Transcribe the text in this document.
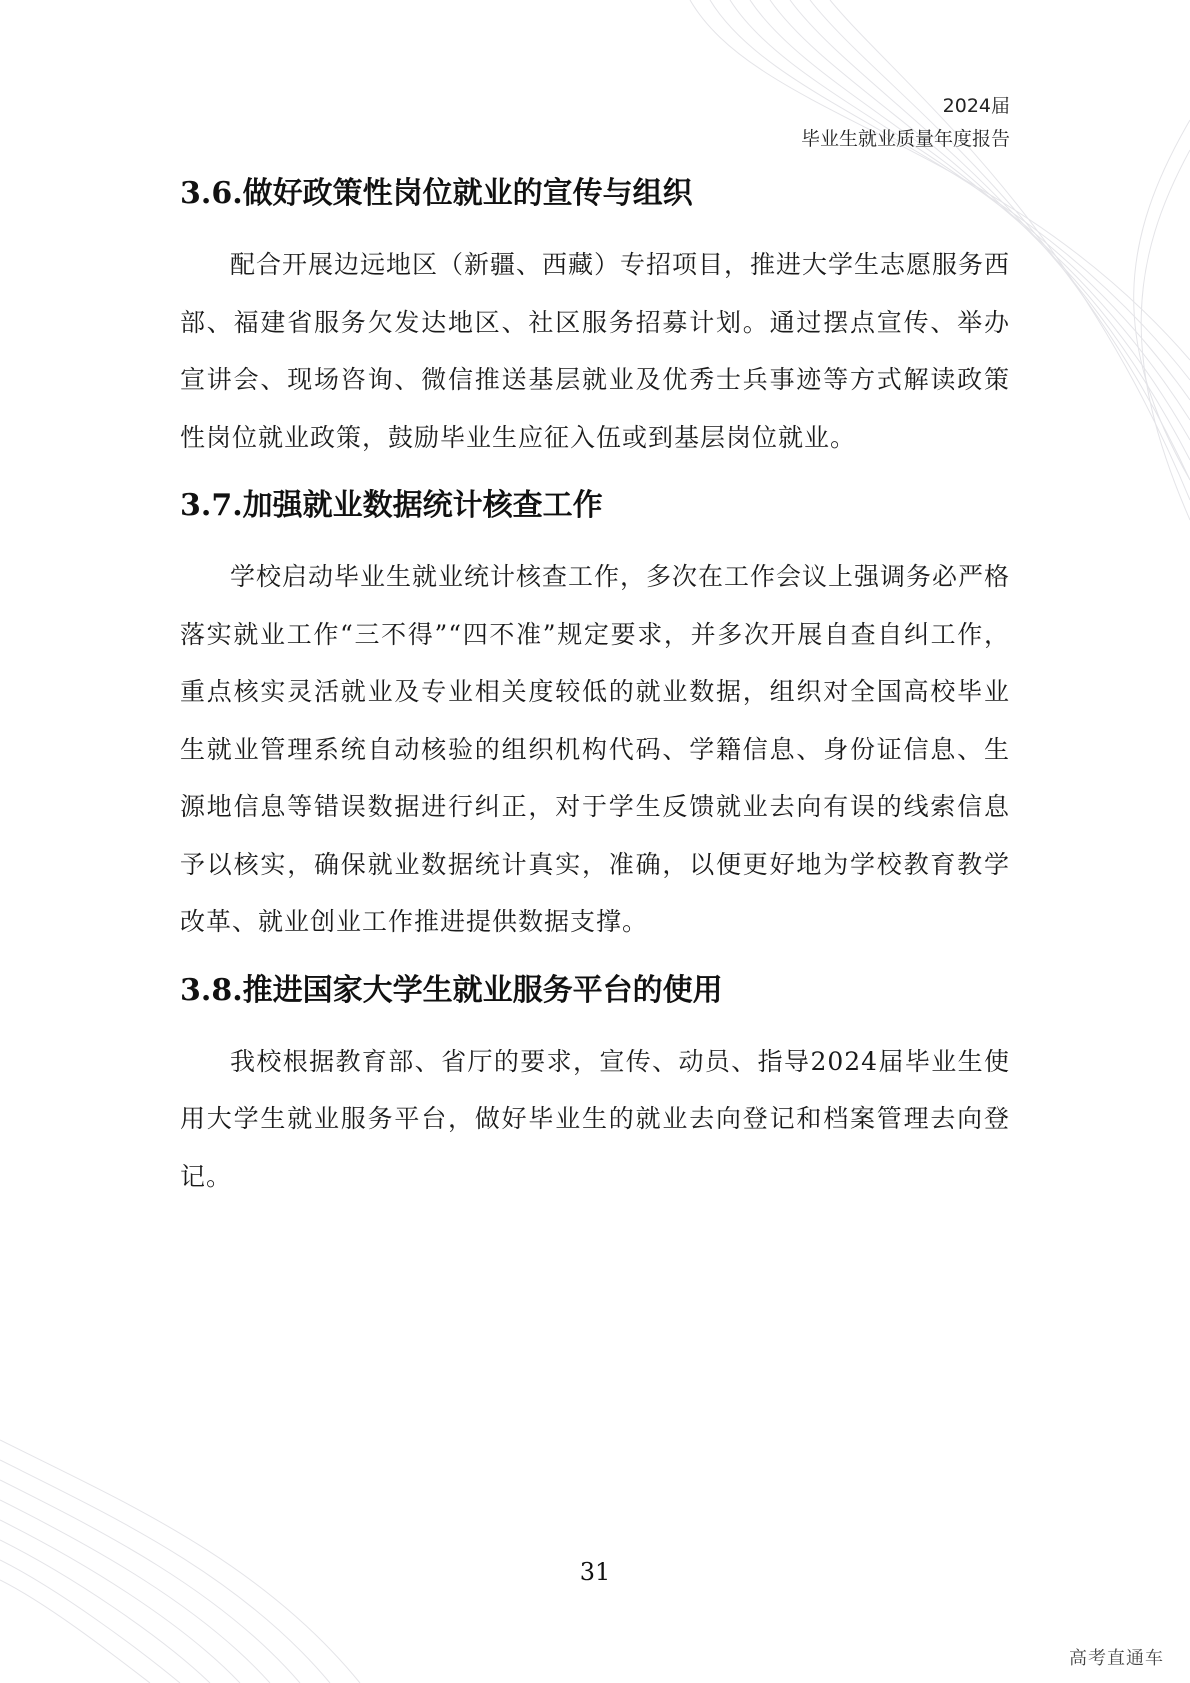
2024届
毕业生就业质量年度报告
3.6.做好政策性岗位就业的宣传与组织

配合开展边远地区（新疆、西藏）专招项目，推进大学生志愿服务西部、福建省服务欠发达地区、社区服务招募计划。通过摆点宣传、举办宣讲会、现场咨询、微信推送基层就业及优秀士兵事迹等方式解读政策性岗位就业政策，鼓励毕业生应征入伍或到基层岗位就业。

3.7.加强就业数据统计核查工作

学校启动毕业生就业统计核查工作，多次在工作会议上强调务必严格落实就业工作“三不得”“四不准”规定要求，并多次开展自查自纠工作，重点核实灵活就业及专业相关度较低的就业数据，组织对全国高校毕业生就业管理系统自动核验的组织机构代码、学籍信息、身份证信息、生源地信息等错误数据进行纠正，对于学生反馈就业去向有误的线索信息予以核实，确保就业数据统计真实，准确，以便更好地为学校教育教学改革、就业创业工作推进提供数据支撑。

3.8.推进国家大学生就业服务平台的使用

我校根据教育部、省厅的要求，宣传、动员、指导2024届毕业生使用大学生就业服务平台，做好毕业生的就业去向登记和档案管理去向登记。

31
高考直通车
